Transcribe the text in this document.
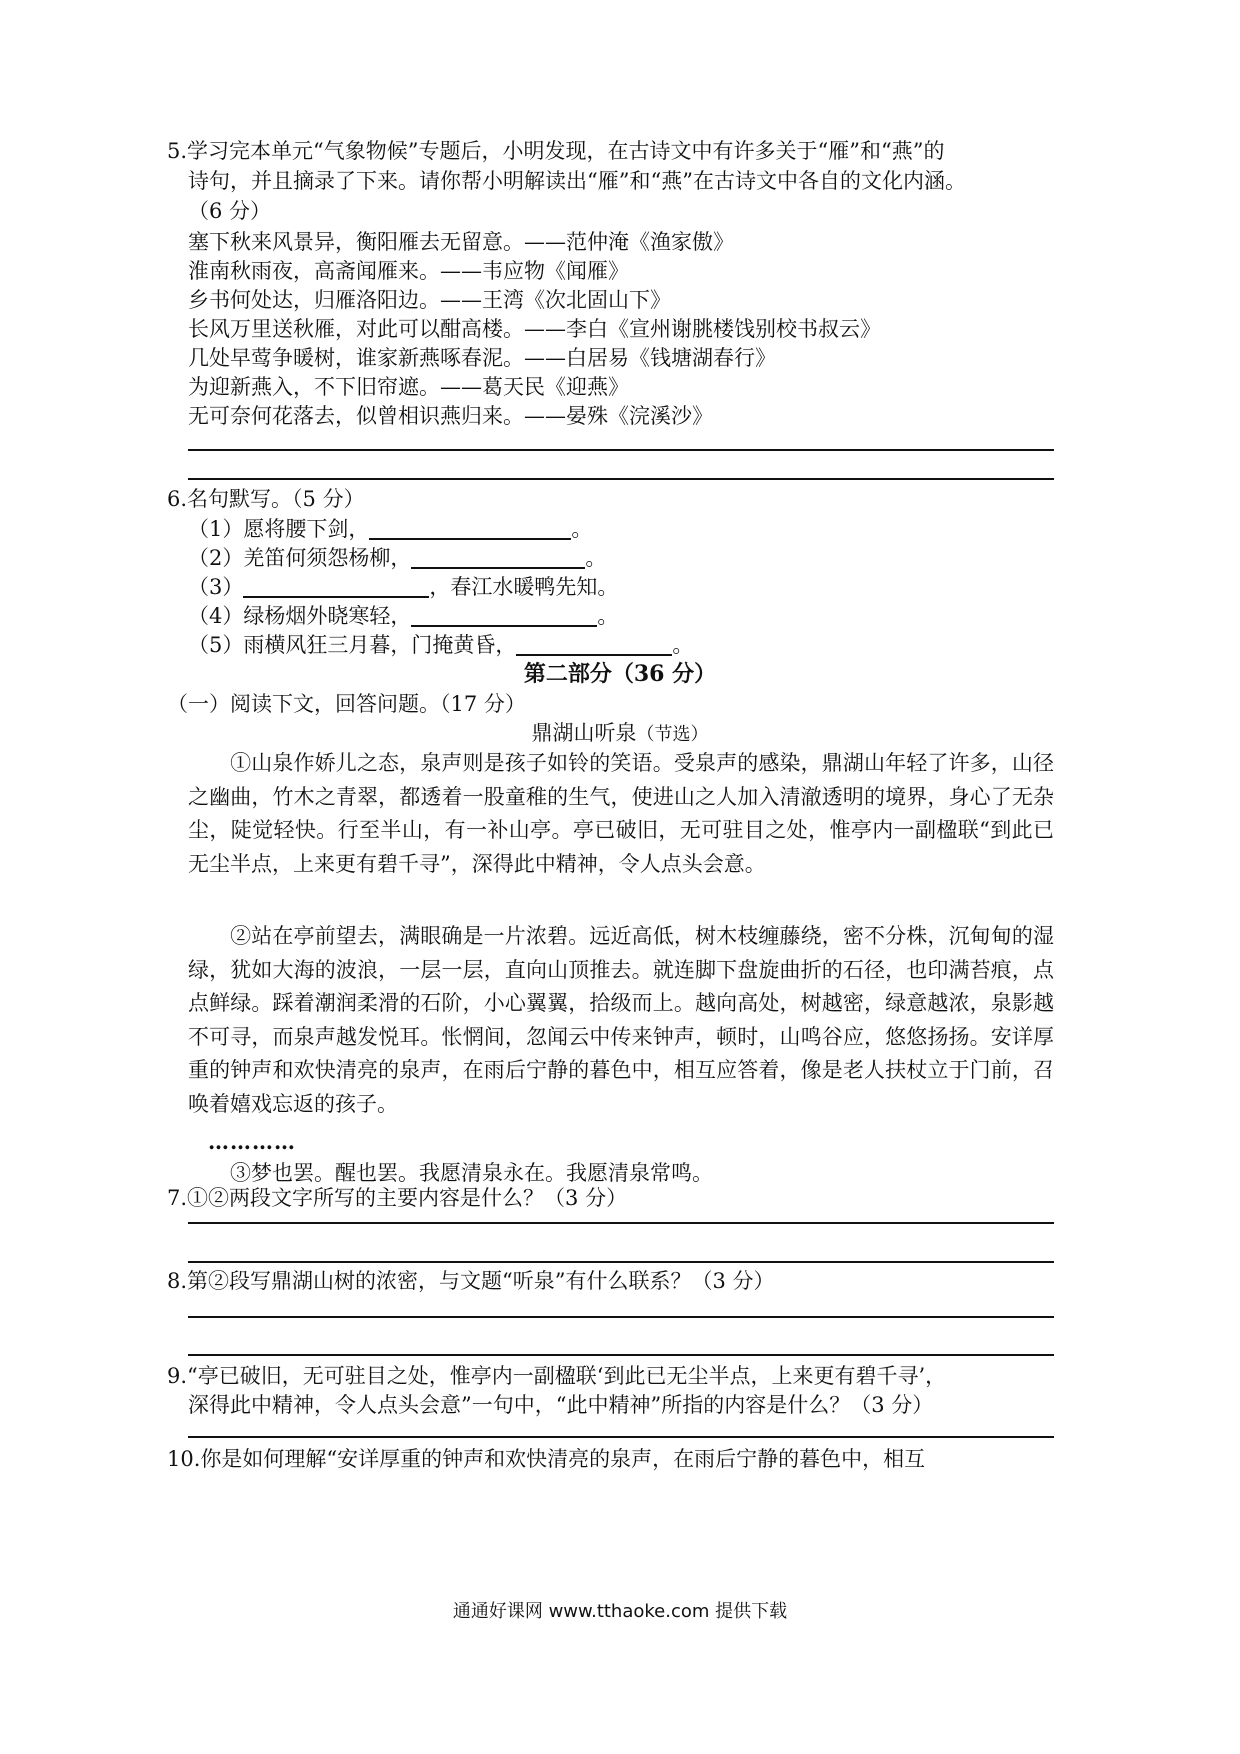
5.学习完本单元“气象物候”专题后，小明发现，在古诗文中有许多关于“雁”和“燕”的
诗句，并且摘录了下来。请你帮小明解读出“雁”和“燕”在古诗文中各自的文化内涵。
（6 分）
塞下秋来风景异，衡阳雁去无留意。——范仲淹《渔家傲》
淮南秋雨夜，高斋闻雁来。——韦应物《闻雁》
乡书何处达，归雁洛阳边。——王湾《次北固山下》
长风万里送秋雁，对此可以酣高楼。——李白《宣州谢朓楼饯别校书叔云》
几处早莺争暖树，谁家新燕啄春泥。——白居易《钱塘湖春行》
为迎新燕入，不下旧帘遮。——葛天民《迎燕》
无可奈何花落去，似曾相识燕归来。——晏殊《浣溪沙》
6.名句默写。（5 分）
（1）愿将腰下剑，	。
（2）羌笛何须怨杨柳，	。
（3）	，春江水暖鸭先知。
（4）绿杨烟外晓寒轻，	。
（5）雨横风狂三月暮，门掩黄昏，	。
第二部分（36 分）
（一）阅读下文，回答问题。（17 分）
鼎湖山听泉（节选）
①山泉作娇儿之态，泉声则是孩子如铃的笑语。受泉声的感染，鼎湖山年轻了许多，山径之幽曲，竹木之青翠，都透着一股童稚的生气，使进山之人加入清澈透明的境界，身心了无杂尘，陡觉轻快。行至半山，有一补山亭。亭已破旧，无可驻目之处，惟亭内一副楹联“到此已无尘半点，上来更有碧千寻”，深得此中精神，令人点头会意。
②站在亭前望去，满眼确是一片浓碧。远近高低，树木枝缠藤绕，密不分株，沉甸甸的湿绿，犹如大海的波浪，一层一层，直向山顶推去。就连脚下盘旋曲折的石径，也印满苔痕，点点鲜绿。踩着潮润柔滑的石阶，小心翼翼，拾级而上。越向高处，树越密，绿意越浓，泉影越不可寻，而泉声越发悦耳。怅惘间，忽闻云中传来钟声，顿时，山鸣谷应，悠悠扬扬。安详厚重的钟声和欢快清亮的泉声，在雨后宁静的暮色中，相互应答着，像是老人扶杖立于门前，召唤着嬉戏忘返的孩子。
…………
③梦也罢。醒也罢。我愿清泉永在。我愿清泉常鸣。
7.①②两段文字所写的主要内容是什么？（3 分）
8.第②段写鼎湖山树的浓密，与文题“听泉”有什么联系？（3 分）
9.“亭已破旧，无可驻目之处，惟亭内一副楹联‘到此已无尘半点，上来更有碧千寻’，
深得此中精神，令人点头会意”一句中，“此中精神”所指的内容是什么？（3 分）
10.你是如何理解“安详厚重的钟声和欢快清亮的泉声，在雨后宁静的暮色中，相互
通通好课网 www.tthaoke.com 提供下载
